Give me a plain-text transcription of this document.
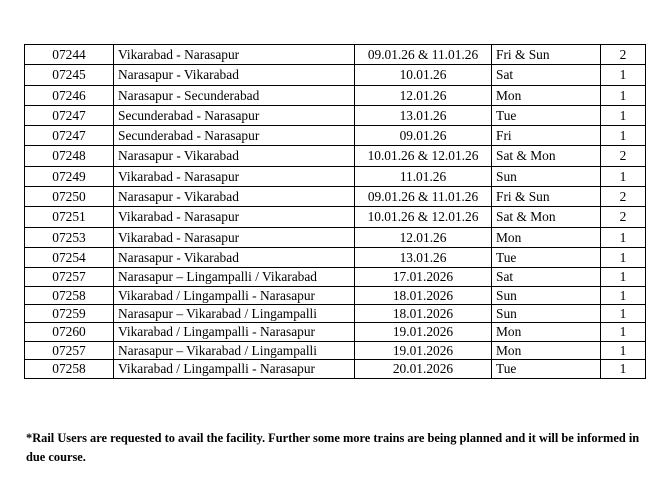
07244	Vikarabad - Narasapur	09.01.26 & 11.01.26	Fri & Sun	2
07245	Narasapur - Vikarabad	10.01.26	Sat	1
07246	Narasapur - Secunderabad	12.01.26	Mon	1
07247	Secunderabad - Narasapur	13.01.26	Tue	1
07247	Secunderabad - Narasapur	09.01.26	Fri	1
07248	Narasapur - Vikarabad	10.01.26 & 12.01.26	Sat & Mon	2
07249	Vikarabad - Narasapur	11.01.26	Sun	1
07250	Narasapur - Vikarabad	09.01.26 & 11.01.26	Fri & Sun	2
07251	Vikarabad - Narasapur	10.01.26 & 12.01.26	Sat & Mon	2
07253	Vikarabad - Narasapur	12.01.26	Mon	1
07254	Narasapur - Vikarabad	13.01.26	Tue	1
07257	Narasapur – Lingampalli / Vikarabad	17.01.2026	Sat	1
07258	Vikarabad / Lingampalli - Narasapur	18.01.2026	Sun	1
07259	Narasapur – Vikarabad / Lingampalli	18.01.2026	Sun	1
07260	Vikarabad / Lingampalli - Narasapur	19.01.2026	Mon	1
07257	Narasapur – Vikarabad / Lingampalli	19.01.2026	Mon	1
07258	Vikarabad / Lingampalli - Narasapur	20.01.2026	Tue	1

*Rail Users are requested to avail the facility. Further some more trains are being planned and it will be informed in due course.
